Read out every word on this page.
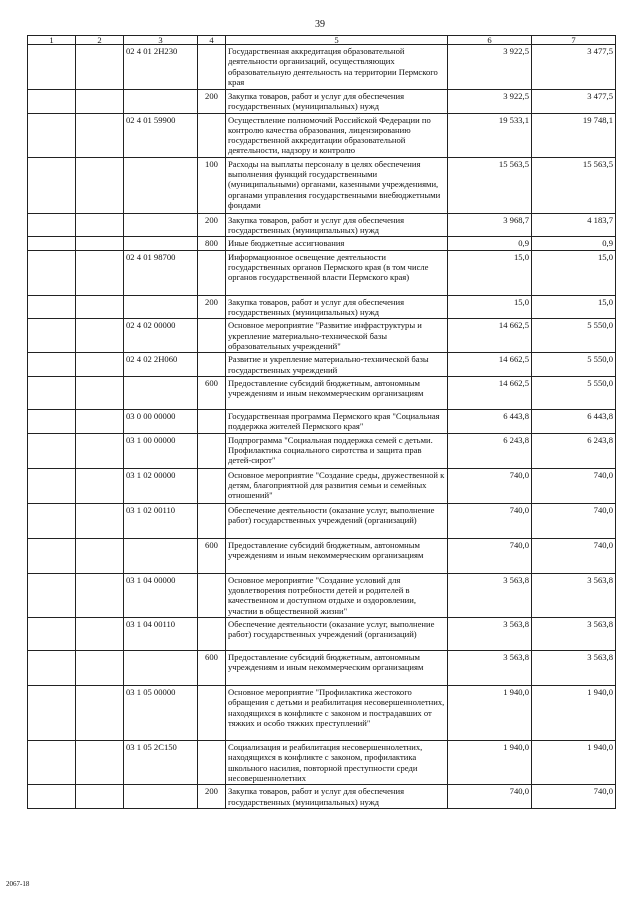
39
1	2	3	4	5	6	7
		02 4 01 2Н230		Государственная аккредитация образовательной деятельности организаций, осуществляющих образовательную деятельность на территории Пермского края	3 922,5	3 477,5
			200	Закупка товаров, работ и услуг для обеспечения государственных (муниципальных) нужд	3 922,5	3 477,5
		02 4 01 59900		Осуществление полномочий Российской Федерации по контролю качества образования, лицензированию государственной аккредитации образовательной деятельности, надзору и контролю	19 533,1	19 748,1
			100	Расходы на выплаты персоналу в целях обеспечения выполнения функций государственными (муниципальными) органами, казенными учреждениями, органами управления государственными внебюджетными фондами	15 563,5	15 563,5
			200	Закупка товаров, работ и услуг для обеспечения государственных (муниципальных) нужд	3 968,7	4 183,7
			800	Иные бюджетные ассигнования	0,9	0,9
		02 4 01 98700		Информационное освещение деятельности государственных органов Пермского края (в том числе органов государственной власти Пермского края)	15,0	15,0
			200	Закупка товаров, работ и услуг для обеспечения государственных (муниципальных) нужд	15,0	15,0
		02 4 02 00000		Основное мероприятие "Развитие инфраструктуры и укрепление материально-технической базы образовательных учреждений"	14 662,5	5 550,0
		02 4 02 2Н060		Развитие и укрепление материально-технической базы государственных учреждений	14 662,5	5 550,0
			600	Предоставление субсидий бюджетным, автономным учреждениям и иным некоммерческим организациям	14 662,5	5 550,0
		03 0 00 00000		Государственная программа Пермского края "Социальная поддержка жителей Пермского края"	6 443,8	6 443,8
		03 1 00 00000		Подпрограмма "Социальная поддержка семей с детьми. Профилактика социального сиротства и защита прав детей-сирот"	6 243,8	6 243,8
		03 1 02 00000		Основное мероприятие "Создание среды, дружественной к детям, благоприятной для развития семьи и семейных отношений"	740,0	740,0
		03 1 02 00110		Обеспечение деятельности (оказание услуг, выполнение работ) государственных учреждений (организаций)	740,0	740,0
			600	Предоставление субсидий бюджетным, автономным учреждениям и иным некоммерческим организациям	740,0	740,0
		03 1 04 00000		Основное мероприятие "Создание условий для удовлетворения потребности детей и родителей в качественном и доступном отдыхе и оздоровлении, участии в общественной жизни"	3 563,8	3 563,8
		03 1 04 00110		Обеспечение деятельности (оказание услуг, выполнение работ) государственных учреждений (организаций)	3 563,8	3 563,8
			600	Предоставление субсидий бюджетным, автономным учреждениям и иным некоммерческим организациям	3 563,8	3 563,8
		03 1 05 00000		Основное мероприятие "Профилактика жестокого обращения с детьми и реабилитация несовершеннолетних, находящихся в конфликте с законом и пострадавших от тяжких и особо тяжких преступлений"	1 940,0	1 940,0
		03 1 05 2С150		Социализация и реабилитация несовершеннолетних, находящихся в конфликте с законом, профилактика школьного насилия, повторной преступности среди несовершеннолетних	1 940,0	1 940,0
			200	Закупка товаров, работ и услуг для обеспечения государственных (муниципальных) нужд	740,0	740,0
2067-18
